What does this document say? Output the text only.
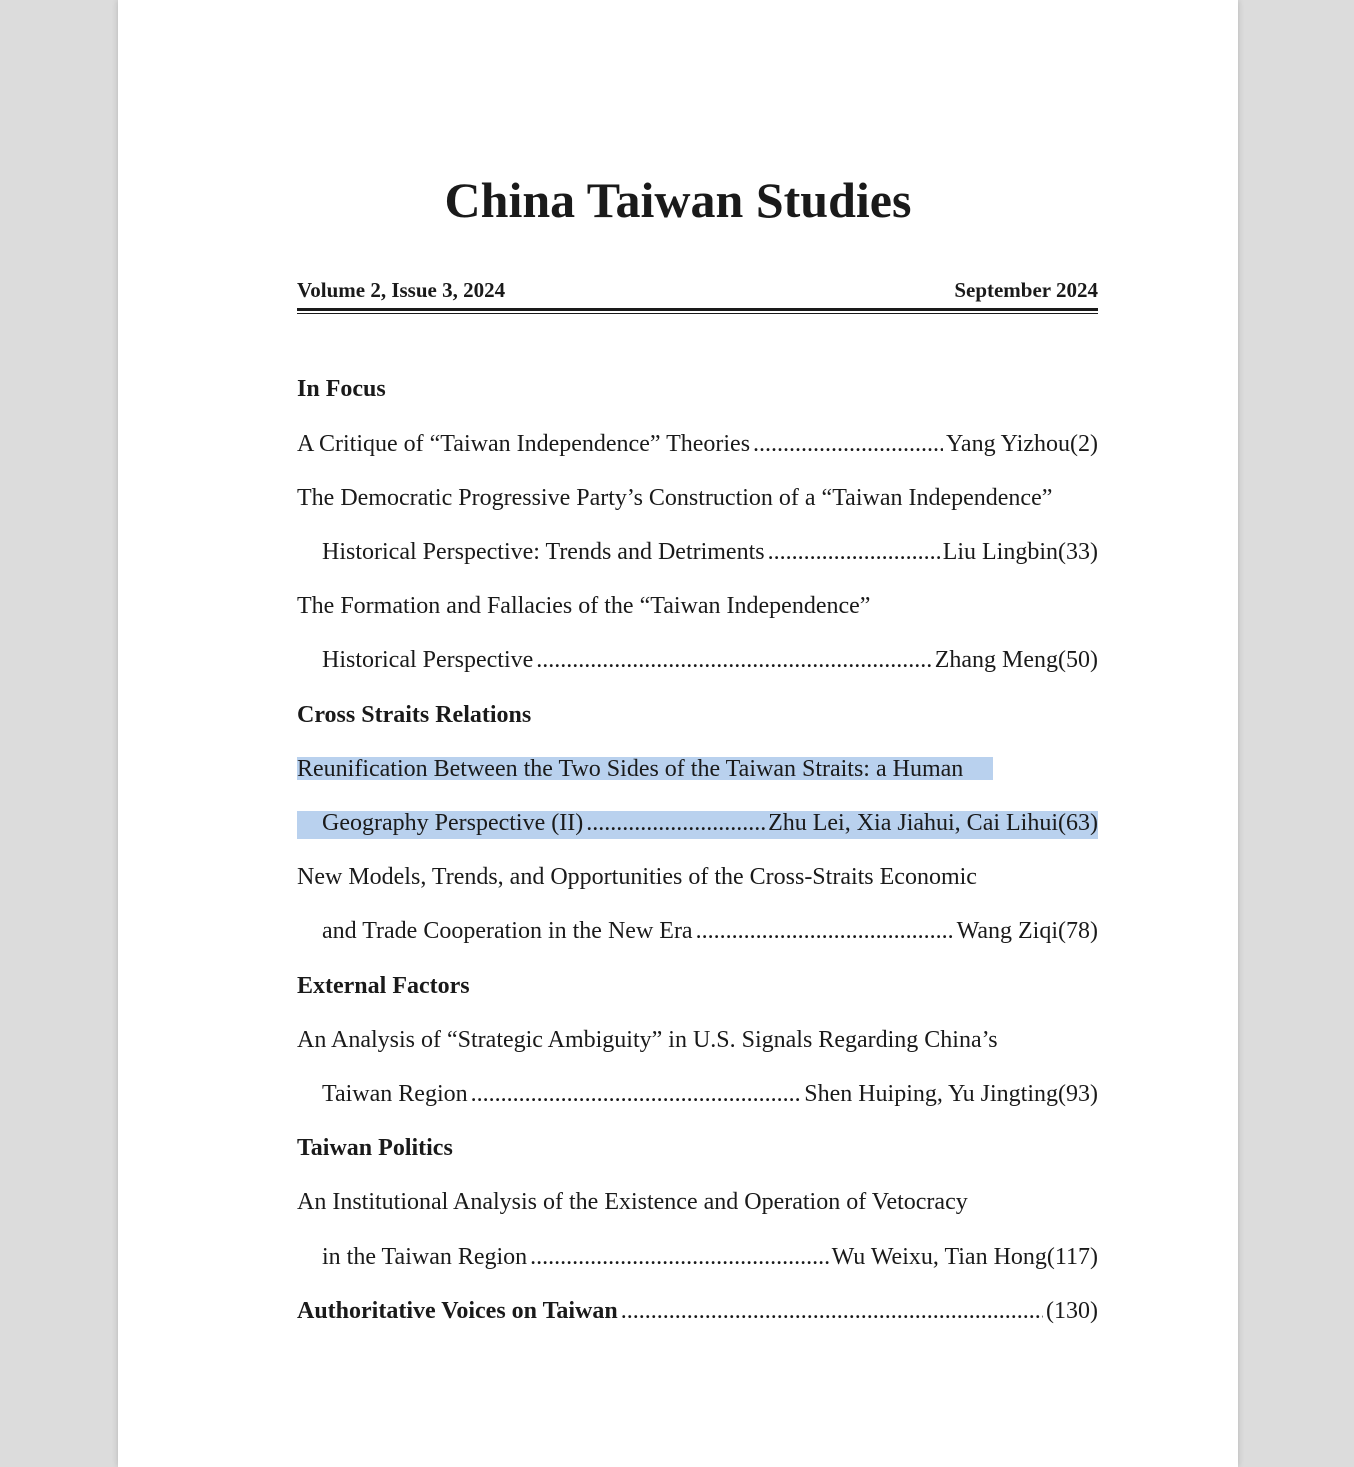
China Taiwan Studies
Volume 2, Issue 3, 2024	September 2024
In Focus
A Critique of “Taiwan Independence” Theories .....	Yang Yizhou(2)
The Democratic Progressive Party’s Construction of a “Taiwan Independence”
Historical Perspective: Trends and Detriments .....	Liu Lingbin(33)
The Formation and Fallacies of the “Taiwan Independence”
Historical Perspective .....	Zhang Meng(50)
Cross Straits Relations
Reunification Between the Two Sides of the Taiwan Straits: a Human
Geography Perspective (II) .....	Zhu Lei, Xia Jiahui, Cai Lihui(63)
New Models, Trends, and Opportunities of the Cross-Straits Economic
and Trade Cooperation in the New Era .....	Wang Ziqi(78)
External Factors
An Analysis of “Strategic Ambiguity” in U.S. Signals Regarding China’s
Taiwan Region .....	Shen Huiping, Yu Jingting(93)
Taiwan Politics
An Institutional Analysis of the Existence and Operation of Vetocracy
in the Taiwan Region .....	Wu Weixu, Tian Hong(117)
Authoritative Voices on Taiwan .....	(130)
